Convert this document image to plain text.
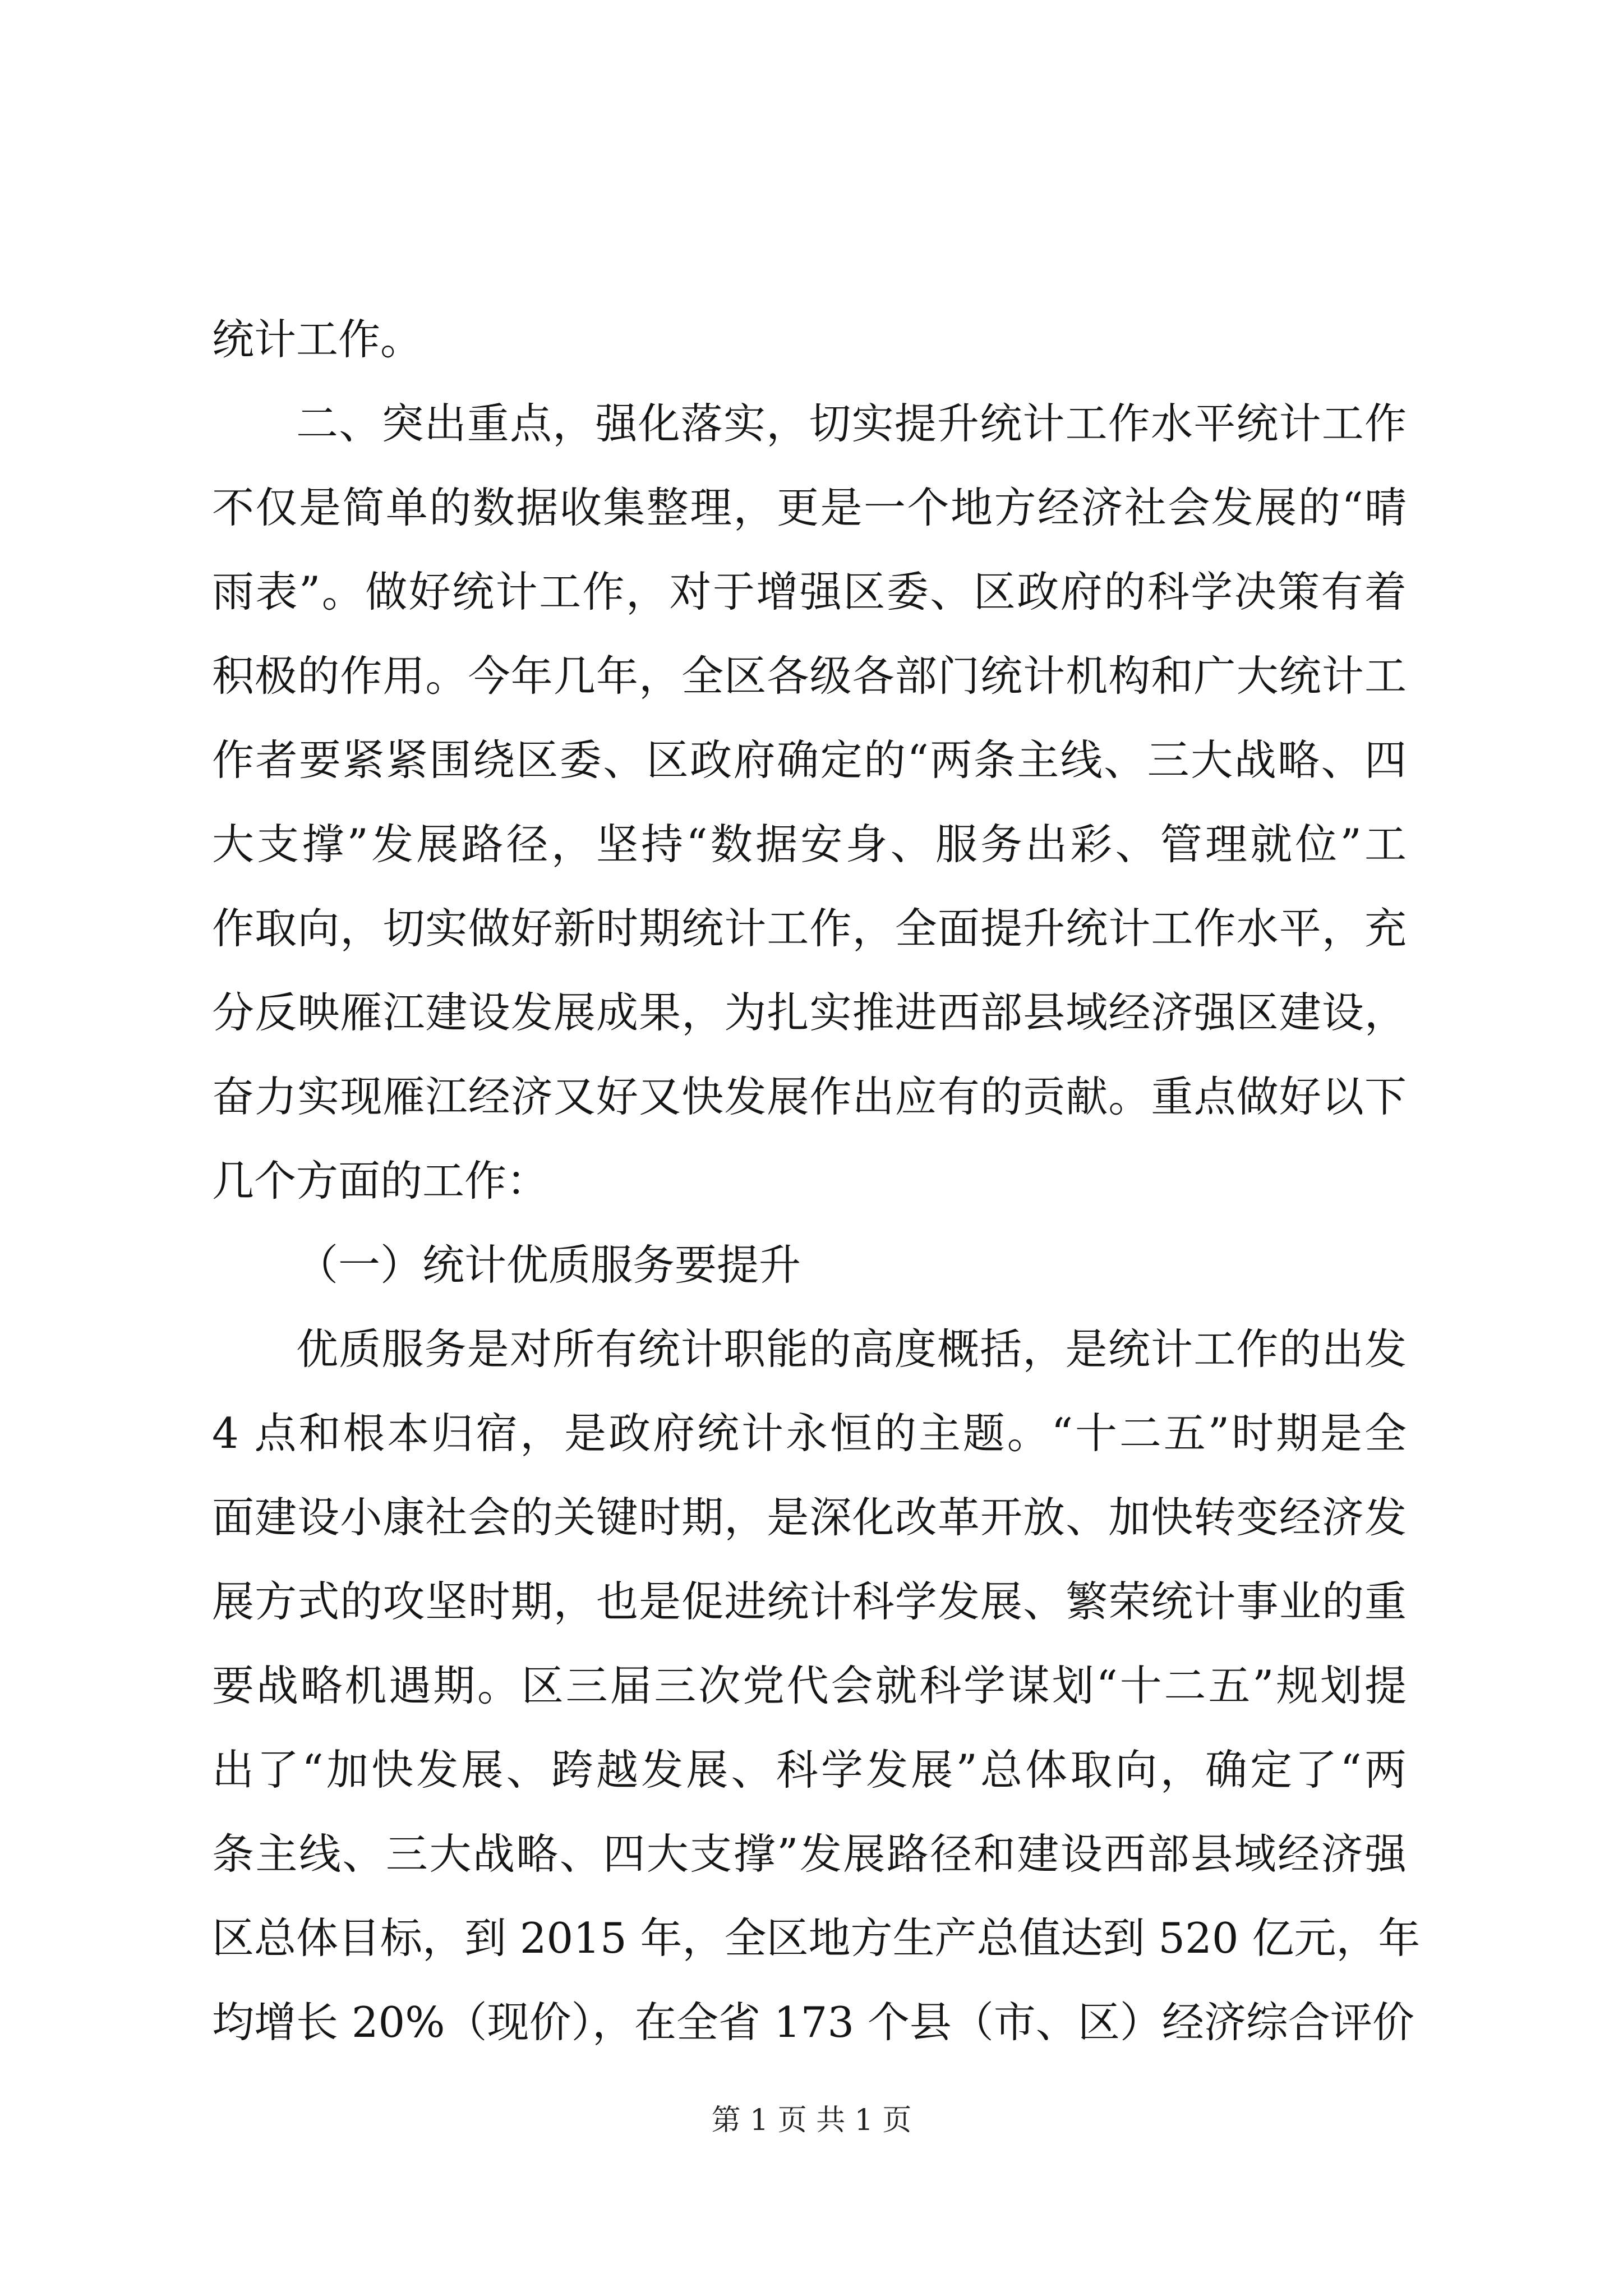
统计工作。
二、突出重点，强化落实，切实提升统计工作水平统计工作
不仅是简单的数据收集整理，更是一个地方经济社会发展的“晴
雨表”。做好统计工作，对于增强区委、区政府的科学决策有着
积极的作用。今年几年，全区各级各部门统计机构和广大统计工
作者要紧紧围绕区委、区政府确定的“两条主线、三大战略、四
大支撑”发展路径，坚持“数据安身、服务出彩、管理就位”工
作取向，切实做好新时期统计工作，全面提升统计工作水平，充
分反映雁江建设发展成果，为扎实推进西部县域经济强区建设，
奋力实现雁江经济又好又快发展作出应有的贡献。重点做好以下
几个方面的工作：
（一）统计优质服务要提升
优质服务是对所有统计职能的高度概括，是统计工作的出发
4 点和根本归宿，是政府统计永恒的主题。“十二五”时期是全
面建设小康社会的关键时期，是深化改革开放、加快转变经济发
展方式的攻坚时期，也是促进统计科学发展、繁荣统计事业的重
要战略机遇期。区三届三次党代会就科学谋划“十二五”规划提
出了“加快发展、跨越发展、科学发展”总体取向，确定了“两
条主线、三大战略、四大支撑”发展路径和建设西部县域经济强
区总体目标，到 2015 年，全区地方生产总值达到 520 亿元，年
均增长 20%（现价），在全省 173 个县（市、区）经济综合评价
第 1 页 共 1 页
